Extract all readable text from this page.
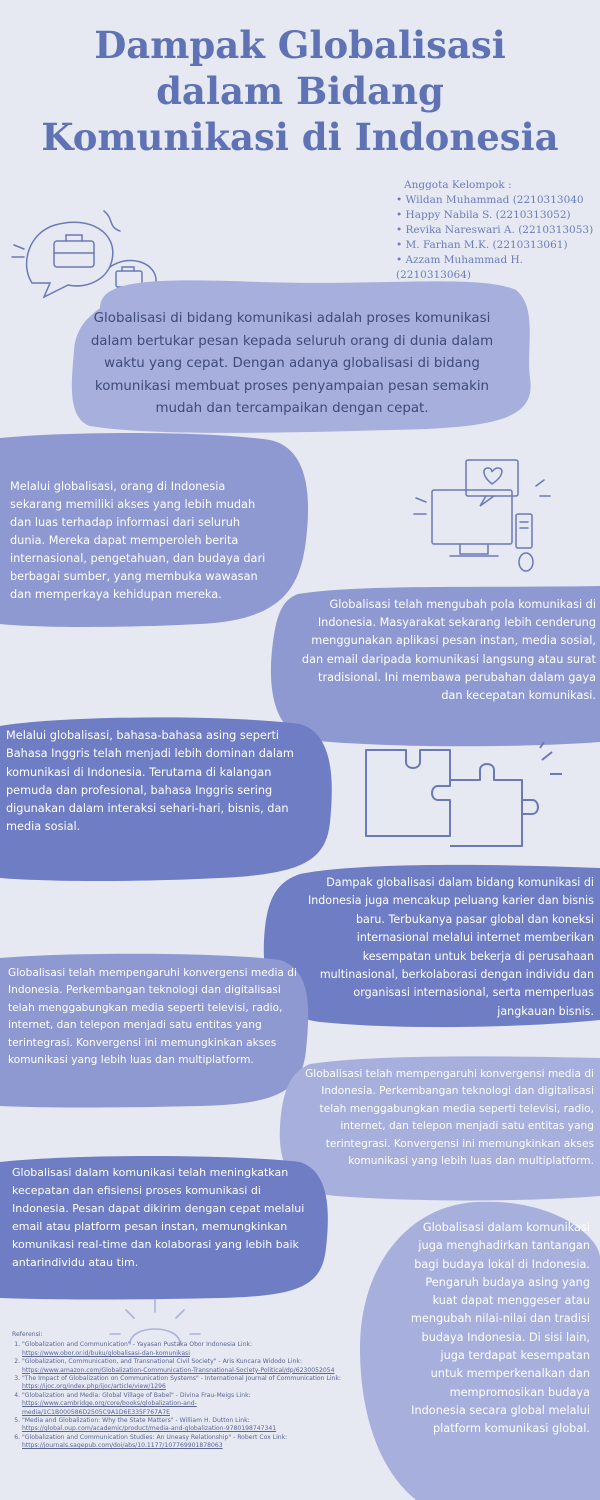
Dampak Globalisasi
dalam Bidang
Komunikasi di Indonesia
Anggota Kelompok :
• Wildan Muhammad (2210313040
• Happy Nabila S. (2210313052)
• Revika Nareswari A. (2210313053)
• M. Farhan M.K. (2210313061)
• Azzam Muhammad H. (2210313064)
Globalisasi di bidang komunikasi adalah proses komunikasi dalam bertukar pesan kepada seluruh orang di dunia dalam waktu yang cepat. Dengan adanya globalisasi di bidang komunikasi membuat proses penyampaian pesan semakin mudah dan tercampaikan dengan cepat.
Melalui globalisasi, orang di Indonesia sekarang memiliki akses yang lebih mudah dan luas terhadap informasi dari seluruh dunia. Mereka dapat memperoleh berita internasional, pengetahuan, dan budaya dari berbagai sumber, yang membuka wawasan dan memperkaya kehidupan mereka.
Globalisasi telah mengubah pola komunikasi di Indonesia. Masyarakat sekarang lebih cenderung menggunakan aplikasi pesan instan, media sosial, dan email daripada komunikasi langsung atau surat tradisional. Ini membawa perubahan dalam gaya dan kecepatan komunikasi.
Melalui globalisasi, bahasa-bahasa asing seperti Bahasa Inggris telah menjadi lebih dominan dalam komunikasi di Indonesia. Terutama di kalangan pemuda dan profesional, bahasa Inggris sering digunakan dalam interaksi sehari-hari, bisnis, dan media sosial.
Dampak globalisasi dalam bidang komunikasi di Indonesia juga mencakup peluang karier dan bisnis baru. Terbukanya pasar global dan koneksi internasional melalui internet memberikan kesempatan untuk bekerja di perusahaan multinasional, berkolaborasi dengan individu dan organisasi internasional, serta memperluas jangkauan bisnis.
Globalisasi telah mempengaruhi konvergensi media di Indonesia. Perkembangan teknologi dan digitalisasi telah menggabungkan media seperti televisi, radio, internet, dan telepon menjadi satu entitas yang terintegrasi. Konvergensi ini memungkinkan akses komunikasi yang lebih luas dan multiplatform.
Globalisasi telah mempengaruhi konvergensi media di Indonesia. Perkembangan teknologi dan digitalisasi telah menggabungkan media seperti televisi, radio, internet, dan telepon menjadi satu entitas yang terintegrasi. Konvergensi ini memungkinkan akses komunikasi yang lebih luas dan multiplatform.
Globalisasi dalam komunikasi telah meningkatkan kecepatan dan efisiensi proses komunikasi di Indonesia. Pesan dapat dikirim dengan cepat melalui email atau platform pesan instan, memungkinkan komunikasi real-time dan kolaborasi yang lebih baik antarindividu atau tim.
Globalisasi dalam komunikasi juga menghadirkan tantangan bagi budaya lokal di Indonesia. Pengaruh budaya asing yang kuat dapat menggeser atau mengubah nilai-nilai dan tradisi budaya Indonesia. Di sisi lain, juga terdapat kesempatan untuk memperkenalkan dan mempromosikan budaya Indonesia secara global melalui platform komunikasi global.
Referensi:
1. "Globalization and Communication" - Yayasan Pustaka Obor Indonesia Link:
https://www.obor.or.id/buku/globalisasi-dan-komunikasi
2. "Globalization, Communication, and Transnational Civil Society" - Aris Kuncara Widodo Link:
https://www.amazon.com/Globalization-Communication-Transnational-Society-Political/dp/6230052054
3. "The Impact of Globalization on Communication Systems" - International Journal of Communication Link:
https://ijoc.org/index.php/ijoc/article/view/1296
4. "Globalization and Media: Global Village of Babel" - Divina Frau-Meigs Link:
https://www.cambridge.org/core/books/globalization-and-media/1C1B000586D2505C9A1D6E335F767A7E
5. "Media and Globalization: Why the State Matters" - William H. Dutton Link:
https://global.oup.com/academic/product/media-and-globalization-9780198747341
6. "Globalization and Communication Studies: An Uneasy Relationship" - Robert Cox Link:
https://journals.sagepub.com/doi/abs/10.1177/107769901878063
